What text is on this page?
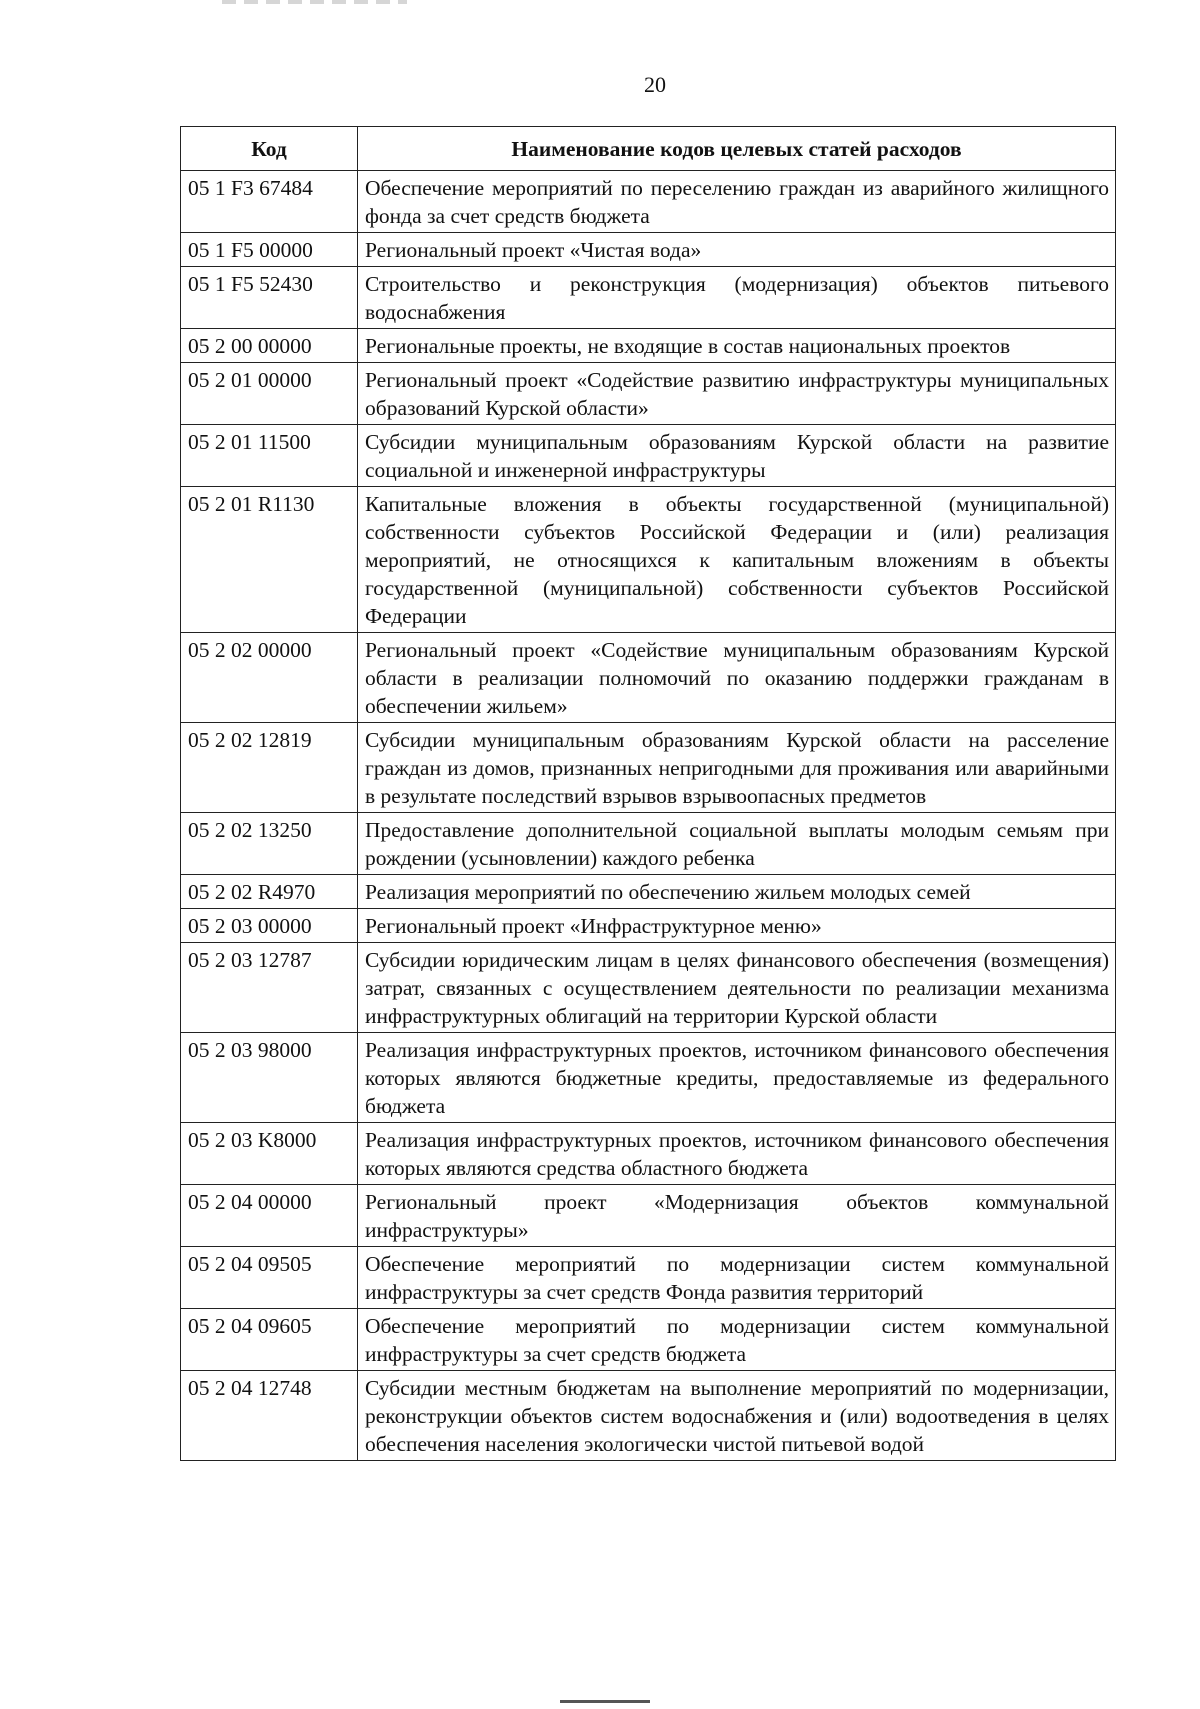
20
Код	Наименование кодов целевых статей расходов
05 1 F3 67484	Обеспечение мероприятий по переселению граждан из аварийного жилищного фонда за счет средств бюджета
05 1 F5 00000	Региональный проект «Чистая вода»
05 1 F5 52430	Строительство и реконструкция (модернизация) объектов питьевого водоснабжения
05 2 00 00000	Региональные проекты, не входящие в состав национальных проектов
05 2 01 00000	Региональный проект «Содействие развитию инфраструктуры муниципальных образований Курской области»
05 2 01 11500	Субсидии муниципальным образованиям Курской области на развитие социальной и инженерной инфраструктуры
05 2 01 R1130	Капитальные вложения в объекты государственной (муниципальной) собственности субъектов Российской Федерации и (или) реализация мероприятий, не относящихся к капитальным вложениям в объекты государственной (муниципальной) собственности субъектов Российской Федерации
05 2 02 00000	Региональный проект «Содействие муниципальным образованиям Курской области в реализации полномочий по оказанию поддержки гражданам в обеспечении жильем»
05 2 02 12819	Субсидии муниципальным образованиям Курской области на расселение граждан из домов, признанных непригодными для проживания или аварийными в результате последствий взрывов взрывоопасных предметов
05 2 02 13250	Предоставление дополнительной социальной выплаты молодым семьям при рождении (усыновлении) каждого ребенка
05 2 02 R4970	Реализация мероприятий по обеспечению жильем молодых семей
05 2 03 00000	Региональный проект «Инфраструктурное меню»
05 2 03 12787	Субсидии юридическим лицам в целях финансового обеспечения (возмещения) затрат, связанных с осуществлением деятельности по реализации механизма инфраструктурных облигаций на территории Курской области
05 2 03 98000	Реализация инфраструктурных проектов, источником финансового обеспечения которых являются бюджетные кредиты, предоставляемые из федерального бюджета
05 2 03 K8000	Реализация инфраструктурных проектов, источником финансового обеспечения которых являются средства областного бюджета
05 2 04 00000	Региональный проект «Модернизация объектов коммунальной инфраструктуры»
05 2 04 09505	Обеспечение мероприятий по модернизации систем коммунальной инфраструктуры за счет средств Фонда развития территорий
05 2 04 09605	Обеспечение мероприятий по модернизации систем коммунальной инфраструктуры за счет средств бюджета
05 2 04 12748	Субсидии местным бюджетам на выполнение мероприятий по модернизации, реконструкции объектов систем водоснабжения и (или) водоотведения в целях обеспечения населения экологически чистой питьевой водой
